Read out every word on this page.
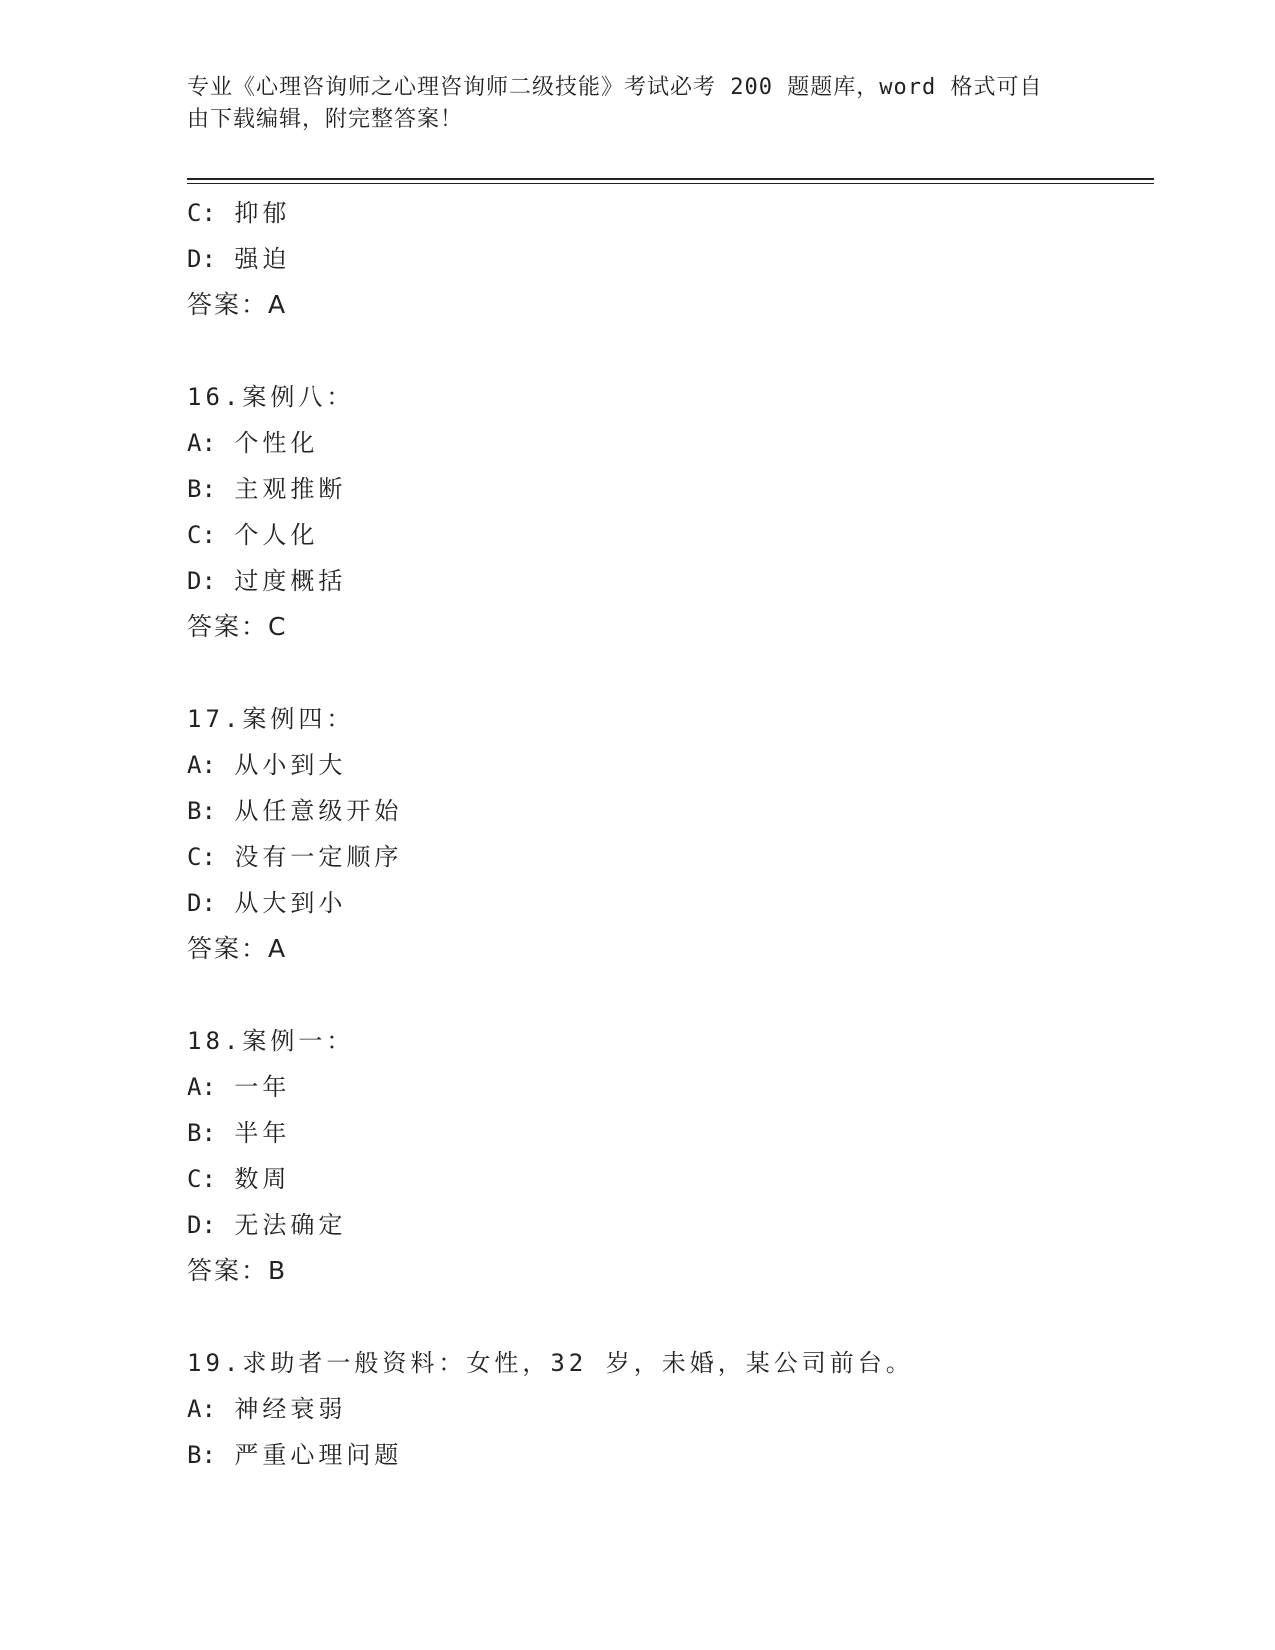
专业《心理咨询师之心理咨询师二级技能》考试必考 200 题题库，word 格式可自
由下载编辑，附完整答案！
C: 抑郁
D: 强迫
答案：A
16.案例八：
A: 个性化
B: 主观推断
C: 个人化
D: 过度概括
答案：C
17.案例四：
A: 从小到大
B: 从任意级开始
C: 没有一定顺序
D: 从大到小
答案：A
18.案例一：
A: 一年
B: 半年
C: 数周
D: 无法确定
答案：B
19.求助者一般资料：女性，32 岁，未婚，某公司前台。
A: 神经衰弱
B: 严重心理问题
